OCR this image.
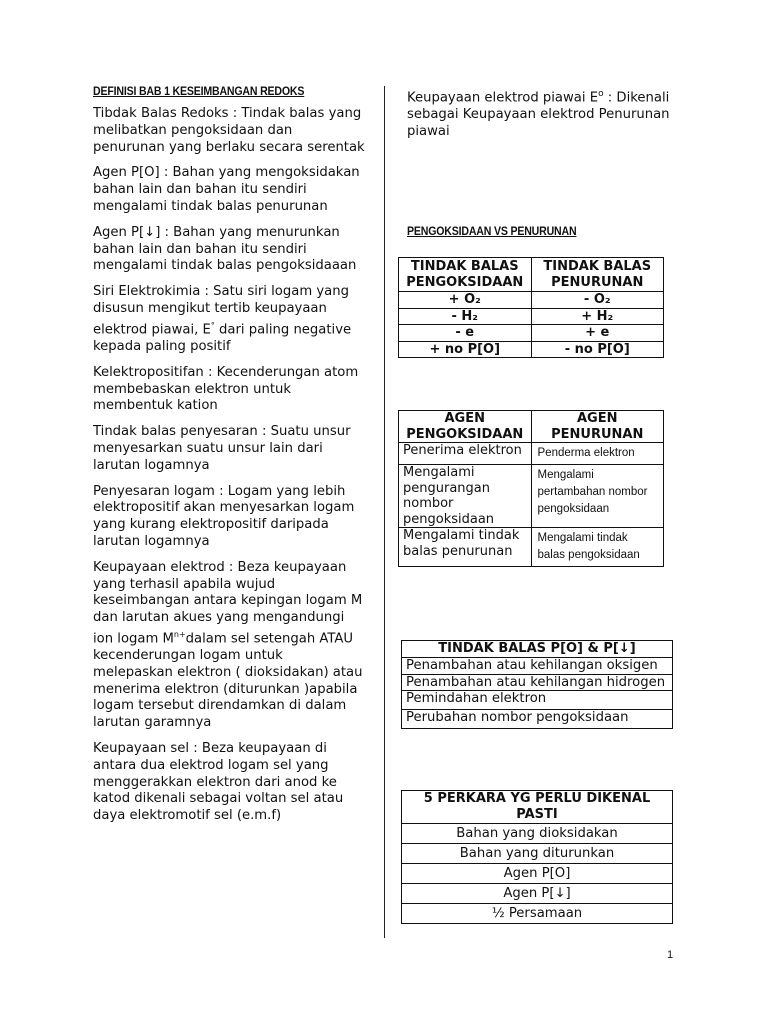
DEFINISI BAB 1 KESEIMBANGAN REDOKS

Tibdak Balas Redoks : Tindak balas yang melibatkan pengoksidaan dan penurunan yang berlaku secara serentak

Agen P[O] : Bahan yang mengoksidakan bahan lain dan bahan itu sendiri mengalami tindak balas penurunan

Agen P[↓] : Bahan yang menurunkan bahan lain dan bahan itu sendiri mengalami tindak balas pengoksidaaan

Siri Elektrokimia : Satu siri logam yang disusun mengikut tertib keupayaan elektrod piawai, E° dari paling negative kepada paling positif

Kelektropositifan : Kecenderungan atom membebaskan elektron untuk membentuk kation

Tindak balas penyesaran : Suatu unsur menyesarkan suatu unsur lain dari larutan logamnya

Penyesaran logam : Logam yang lebih elektropositif akan menyesarkan logam yang kurang elektropositif daripada larutan logamnya

Keupayaan elektrod : Beza keupayaan yang terhasil apabila wujud keseimbangan antara kepingan logam M dan larutan akues yang mengandungi ion logam $M^{n+}dalam$ sel setengah ATAU kecenderungan logam untuk melepaskan elektron ( dioksidakan) atau menerima elektron (diturunkan )apabila logam tersebut direndamkan di dalam larutan garamnya

Keupayaan sel : Beza keupayaan di antara dua elektrod logam sel yang menggerakkan elektron dari anod ke katod dikenali sebagai voltan sel atau daya elektromotif sel (e.m.f)

Keupayaan elektrod piawai $E^o$ : Dikenali sebagai Keupayaan elektrod Penurunan piawai
PENGOKSIDAAN VS PENURUNAN
TINDAK BALAS PENGOKSIDAAN	TINDAK BALAS PENURUNAN
+ O₂	- O₂
- H₂	+ H₂
- e	+ e
+ no P[O]	- no P[O]
AGEN PENGOKSIDAAN	AGEN PENURUNAN
Penerima elektron	Penderma elektron
Mengalami pengurangan nombor pengoksidaan	Mengalami pertambahan nombor pengoksidaan
Mengalami tindak balas penurunan	Mengalami tindak balas pengoksidaan
TINDAK BALAS P[O] & P[↓]
Penambahan atau kehilangan oksigen
Penambahan atau kehilangan hidrogen
Pemindahan elektron
Perubahan nombor pengoksidaan
5 PERKARA YG PERLU DIKENAL PASTI
Bahan yang dioksidakan
Bahan yang diturunkan
Agen P[O]
Agen P[↓]
½ Persamaan
1
